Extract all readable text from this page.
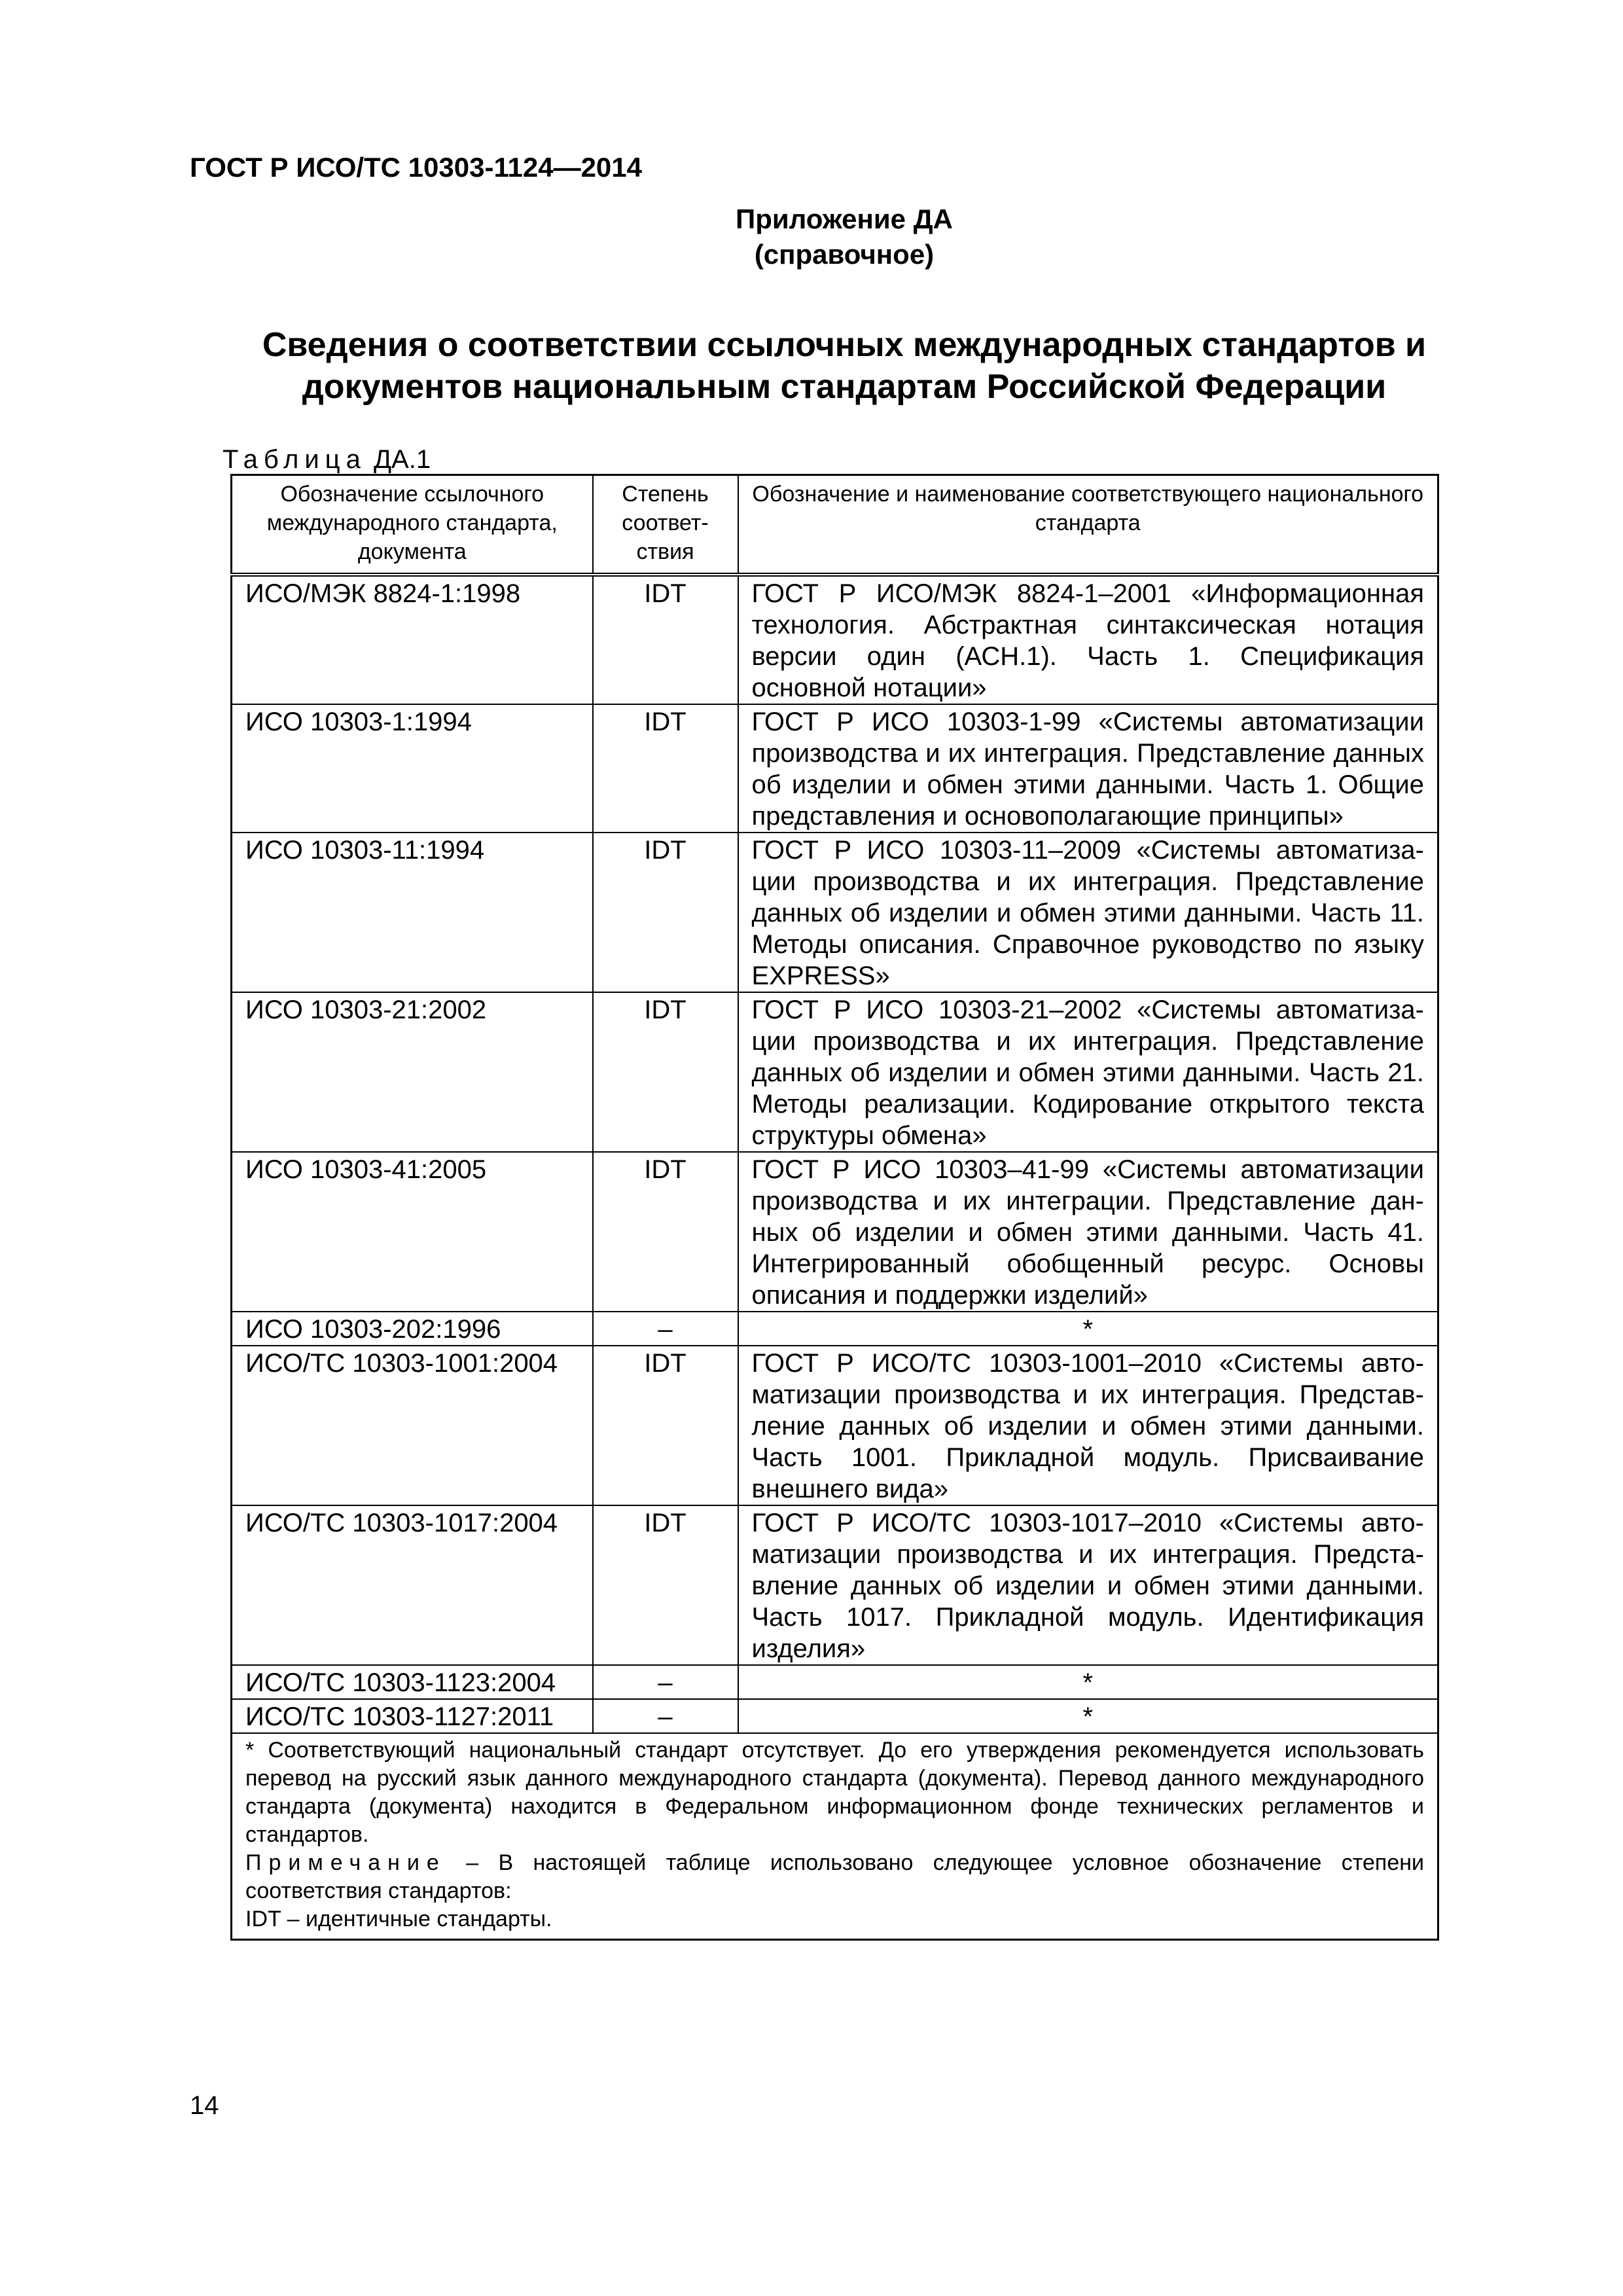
ГОСТ Р ИСО/ТС 10303-1124—2014
Приложение ДА
(справочное)
Сведения о соответствии ссылочных международных стандартов и
документов национальным стандартам Российской Федерации
Таблица ДА.1
Обозначение ссылочного международного стандарта, документа	Степень соответ-ствия	Обозначение и наименование соответствующего национального стандарта
ИСО/МЭК 8824-1:1998	IDT	ГОСТ Р ИСО/МЭК 8824-1–2001 «Информационная технология. Абстрактная синтаксическая нотация версии один (АСН.1). Часть 1. Спецификация основной нотации»
ИСО 10303-1:1994	IDT	ГОСТ Р ИСО 10303-1-99 «Системы автоматизации производства и их интеграция. Представление данных об изделии и обмен этими данными. Часть 1. Общие представления и основополагающие принципы»
ИСО 10303-11:1994	IDT	ГОСТ Р ИСО 10303-11–2009 «Системы автоматиза-ции производства и их интеграция. Представление данных об изделии и обмен этими данными. Часть 11. Методы описания. Справочное руководство по языку EXPRESS»
ИСО 10303-21:2002	IDT	ГОСТ Р ИСО 10303-21–2002 «Системы автоматиза-ции производства и их интеграция. Представление данных об изделии и обмен этими данными. Часть 21. Методы реализации. Кодирование открытого текста структуры обмена»
ИСО 10303-41:2005	IDT	ГОСТ Р ИСО 10303–41-99 «Системы автоматизации производства и их интеграции. Представление дан-ных об изделии и обмен этими данными. Часть 41. Интегрированный обобщенный ресурс. Основы описания и поддержки изделий»
ИСО 10303-202:1996	–	*
ИСО/ТС 10303-1001:2004	IDT	ГОСТ Р ИСО/ТС 10303-1001–2010 «Системы авто-матизации производства и их интеграция. Представ-ление данных об изделии и обмен этими данными. Часть 1001. Прикладной модуль. Присваивание внешнего вида»
ИСО/ТС 10303-1017:2004	IDT	ГОСТ Р ИСО/ТС 10303-1017–2010 «Системы авто-матизации производства и их интеграция. Предста-вление данных об изделии и обмен этими данными. Часть 1017. Прикладной модуль. Идентификация изделия»
ИСО/ТС 10303-1123:2004	–	*
ИСО/ТС 10303-1127:2011	–	*

* Соответствующий национальный стандарт отсутствует. До его утверждения рекомендуется использовать перевод на русский язык данного международного стандарта (документа). Перевод данного международного стандарта (документа) находится в Федеральном информационном фонде технических регламентов и стандартов.
Примечание – В настоящей таблице использовано следующее условное обозначение степени соответствия стандартов:
IDT – идентичные стандарты.		
14
